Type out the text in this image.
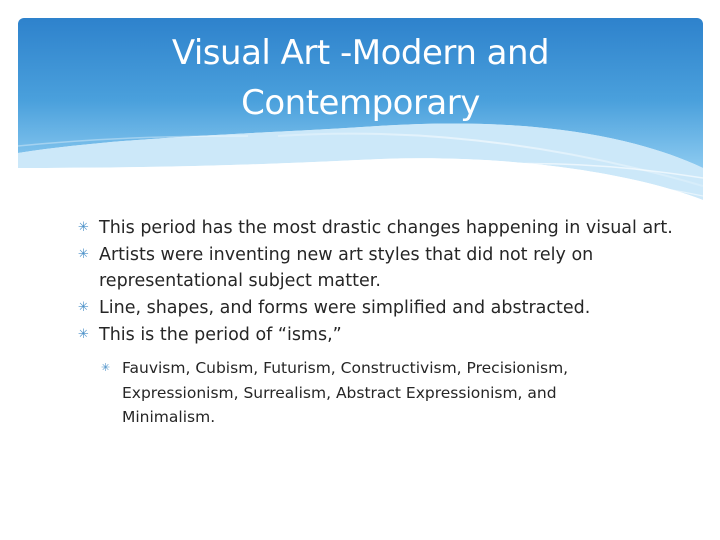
Visual Art -Modern and
Contemporary
✳ This period has the most drastic changes happening in visual art.
✳ Artists were inventing new art styles that did not rely on representational subject matter.
✳ Line, shapes, and forms were simplified and abstracted.
✳ This is the period of “isms,”
✳ Fauvism, Cubism, Futurism, Constructivism, Precisionism, Expressionism, Surrealism, Abstract Expressionism, and Minimalism.
